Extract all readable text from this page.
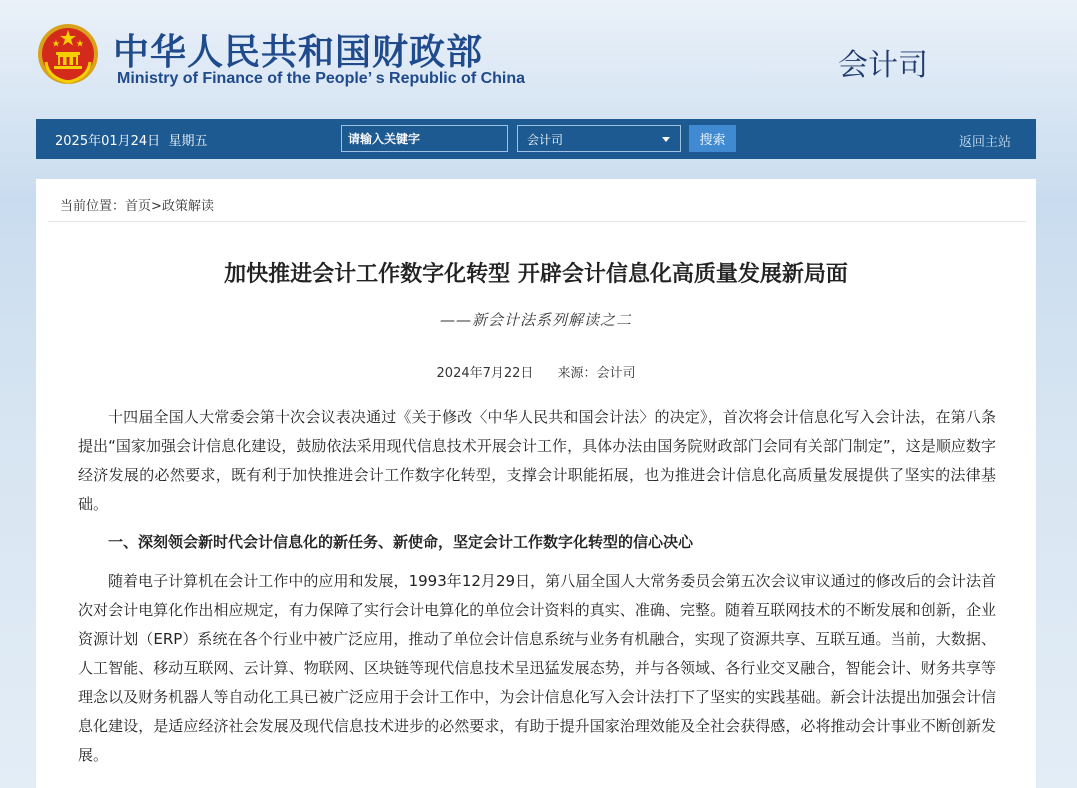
中华人民共和国财政部
Ministry of Finance of the People’ s Republic of China	会计司
2025年01月24日 星期五
请输入关键字	会计司	搜索	返回主站
当前位置：首页>政策解读
加快推进会计工作数字化转型 开辟会计信息化高质量发展新局面
——新会计法系列解读之二
2024年7月22日 来源：会计司

十四届全国人大常委会第十次会议表决通过《关于修改〈中华人民共和国会计法〉的决定》，首次将会计信息化写入会计法，在第八条提出“国家加强会计信息化建设，鼓励依法采用现代信息技术开展会计工作，具体办法由国务院财政部门会同有关部门制定”，这是顺应数字经济发展的必然要求，既有利于加快推进会计工作数字化转型，支撑会计职能拓展，也为推进会计信息化高质量发展提供了坚实的法律基础。

一、深刻领会新时代会计信息化的新任务、新使命，坚定会计工作数字化转型的信心决心

随着电子计算机在会计工作中的应用和发展，1993年12月29日，第八届全国人大常务委员会第五次会议审议通过的修改后的会计法首次对会计电算化作出相应规定，有力保障了实行会计电算化的单位会计资料的真实、准确、完整。随着互联网技术的不断发展和创新，企业资源计划（ERP）系统在各个行业中被广泛应用，推动了单位会计信息系统与业务有机融合，实现了资源共享、互联互通。当前，大数据、人工智能、移动互联网、云计算、物联网、区块链等现代信息技术呈迅猛发展态势，并与各领域、各行业交叉融合，智能会计、财务共享等理念以及财务机器人等自动化工具已被广泛应用于会计工作中，为会计信息化写入会计法打下了坚实的实践基础。新会计法提出加强会计信息化建设，是适应经济社会发展及现代信息技术进步的必然要求，有助于提升国家治理效能及全社会获得感，必将推动会计事业不断创新发展。
